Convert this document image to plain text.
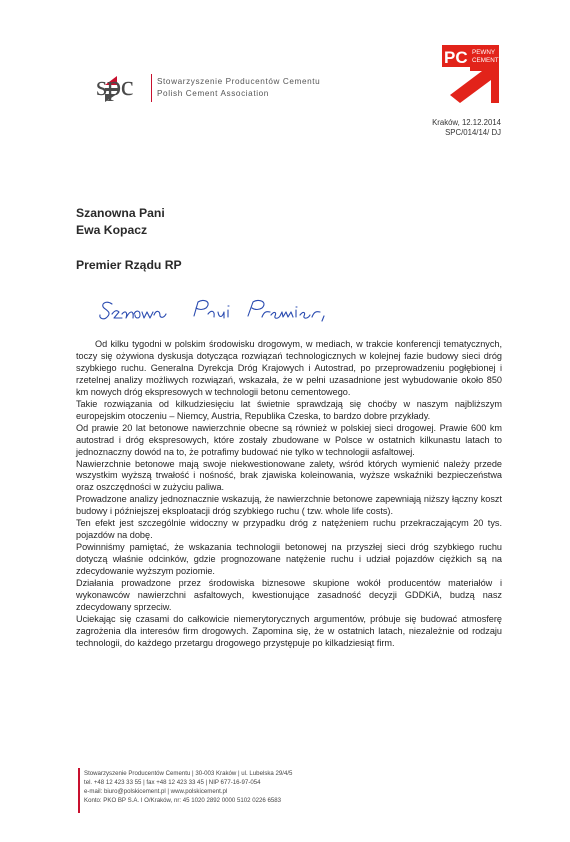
spc	Stowarzyszenie Producentów Cementu
Polish Cement Association
PC PEWNY
CEMENT
Kraków, 12.12.2014
SPC/014/14/ DJ
Szanowna Pani
Ewa Kopacz
Premier Rządu RP

Od kilku tygodni w polskim środowisku drogowym, w mediach, w trakcie konferencji tematycznych, toczy się ożywiona dyskusja dotycząca rozwiązań technologicznych w kolejnej fazie budowy sieci dróg szybkiego ruchu. Generalna Dyrekcja Dróg Krajowych i Autostrad, po przeprowadzeniu pogłębionej i rzetelnej analizy możliwych rozwiązań, wskazała, że w pełni uzasadnione jest wybudowanie około 850 km nowych dróg ekspresowych w technologii betonu cementowego.

Takie rozwiązania od kilkudziesięciu lat świetnie sprawdzają się choćby w naszym najbliższym europejskim otoczeniu – Niemcy, Austria, Republika Czeska, to bardzo dobre przykłady.

Od prawie 20 lat betonowe nawierzchnie obecne są również w polskiej sieci drogowej. Prawie 600 km autostrad i dróg ekspresowych, które zostały zbudowane w Polsce w ostatnich kilkunastu latach to jednoznaczny dowód na to, że potrafimy budować nie tylko w technologii asfaltowej.

Nawierzchnie betonowe mają swoje niekwestionowane zalety, wśród których wymienić należy przede wszystkim wyższą trwałość i nośność, brak zjawiska koleinowania, wyższe wskaźniki bezpieczeństwa oraz oszczędności w zużyciu paliwa.

Prowadzone analizy jednoznacznie wskazują, że nawierzchnie betonowe zapewniają niższy łączny koszt budowy i późniejszej eksploatacji dróg szybkiego ruchu ( tzw. whole life costs).

Ten efekt jest szczególnie widoczny w przypadku dróg z natężeniem ruchu przekraczającym 20 tys. pojazdów na dobę.

Powinniśmy pamiętać, że wskazania technologii betonowej na przyszłej sieci dróg szybkiego ruchu dotyczą właśnie odcinków, gdzie prognozowane natężenie ruchu i udział pojazdów ciężkich są na zdecydowanie wyższym poziomie.

Działania prowadzone przez środowiska biznesowe skupione wokół producentów materiałów i wykonawców nawierzchni asfaltowych, kwestionujące zasadność decyzji GDDKiA, budzą nasz zdecydowany sprzeciw.

Uciekając się czasami do całkowicie niemerytorycznych argumentów, próbuje się budować atmosferę zagrożenia dla interesów firm drogowych. Zapomina się, że w ostatnich latach, niezależnie od rodzaju technologii, do każdego przetargu drogowego przystępuje po kilkadziesiąt firm.

Stowarzyszenie Producentów Cementu | 30-003 Kraków | ul. Lubelska 29/4/5
tel. +48 12 423 33 55 | fax +48 12 423 33 45 | NIP 677-16-97-054
e-mail: biuro@polskicement.pl | www.polskicement.pl
Konto: PKO BP S.A. I O/Kraków, nr: 45 1020 2892 0000 5102 0226 6583
